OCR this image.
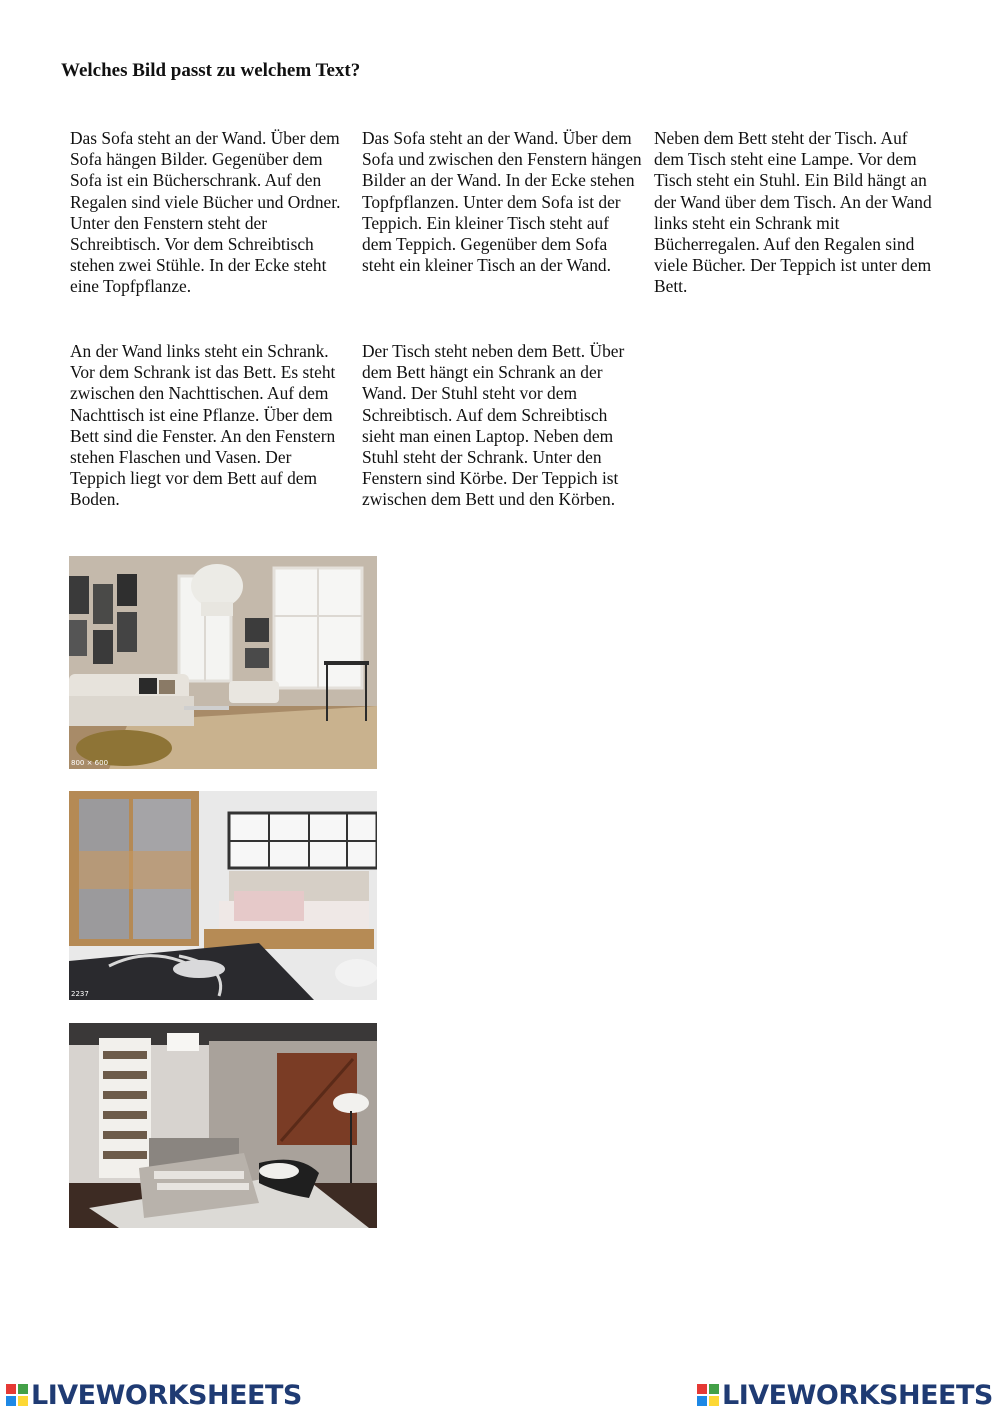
Welches Bild passt zu welchem Text?

Das Sofa steht an der Wand. Über dem Sofa hängen Bilder. Gegenüber dem Sofa ist ein Bücherschrank. Auf den Regalen sind viele Bücher und Ordner. Unter den Fenstern steht der Schreibtisch. Vor dem Schreibtisch stehen zwei Stühle. In der Ecke steht eine Topfpflanze.

Das Sofa steht an der Wand. Über dem Sofa und zwischen den Fenstern hängen Bilder an der Wand. In der Ecke stehen Topfpflanzen. Unter dem Sofa ist der Teppich. Ein kleiner Tisch steht auf dem Teppich. Gegenüber dem Sofa steht ein kleiner Tisch an der Wand.

Neben dem Bett steht der Tisch. Auf dem Tisch steht eine Lampe. Vor dem Tisch steht ein Stuhl. Ein Bild hängt an der Wand über dem Tisch. An der Wand links steht ein Schrank mit Bücherregalen. Auf den Regalen sind viele Bücher. Der Teppich ist unter dem Bett.

An der Wand links steht ein Schrank. Vor dem Schrank ist das Bett. Es steht zwischen den Nachttischen. Auf dem Nachttisch ist eine Pflanze. Über dem Bett sind die Fenster. An den Fenstern stehen Flaschen und Vasen. Der Teppich liegt vor dem Bett auf dem Boden.

Der Tisch steht neben dem Bett. Über dem Bett hängt ein Schrank an der Wand. Der Stuhl steht vor dem Schreibtisch. Auf dem Schreibtisch sieht man einen Laptop. Neben dem Stuhl steht der Schrank. Unter den Fenstern sind Körbe. Der Teppich ist zwischen dem Bett und den Körben.

800 × 600
2237
LIVEWORKSHEETS	LIVEWORKSHEETS
